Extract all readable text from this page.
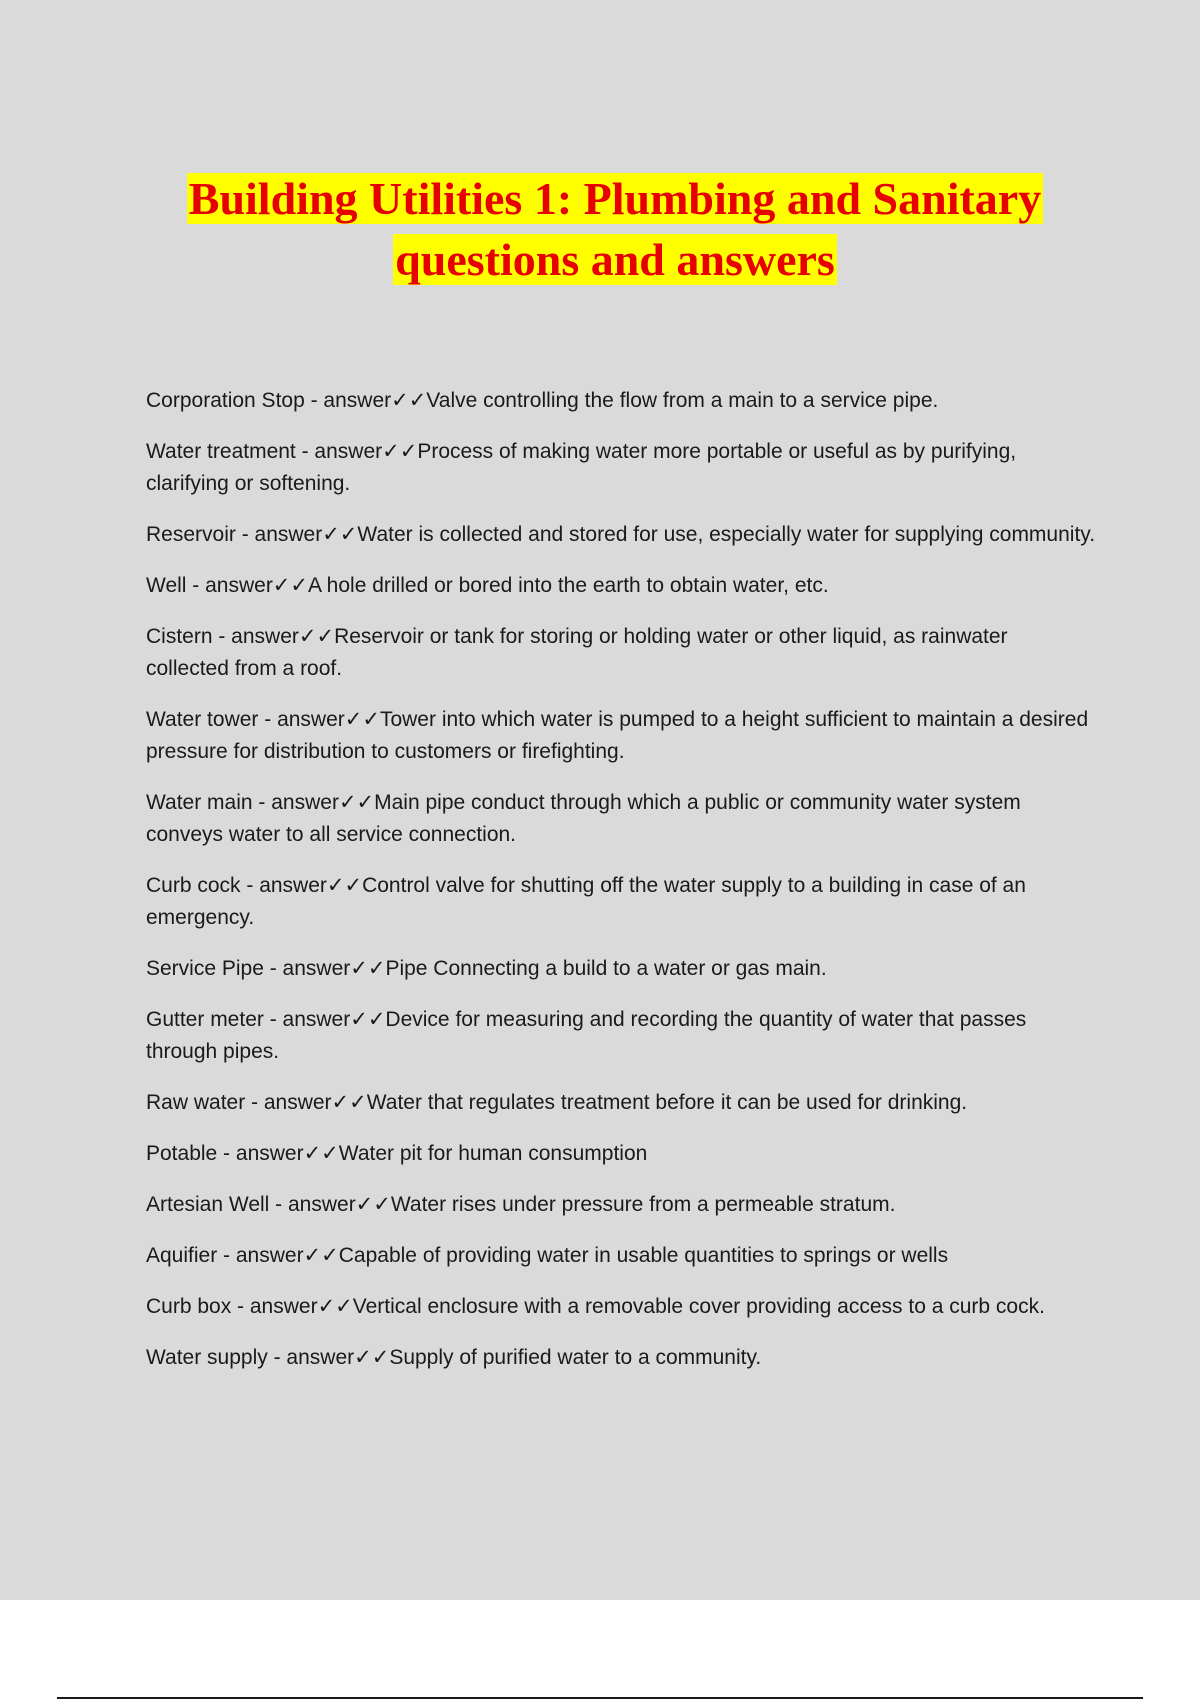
Building Utilities 1: Plumbing and Sanitary
questions and answers
Corporation Stop - answer✓✓Valve controlling the flow from a main to a service pipe.
Water treatment - answer✓✓Process of making water more portable or useful as by purifying, clarifying or softening.
Reservoir - answer✓✓Water is collected and stored for use, especially water for supplying community.
Well - answer✓✓A hole drilled or bored into the earth to obtain water, etc.
Cistern - answer✓✓Reservoir or tank for storing or holding water or other liquid, as rainwater collected from a roof.
Water tower - answer✓✓Tower into which water is pumped to a height sufficient to maintain a desired pressure for distribution to customers or firefighting.
Water main - answer✓✓Main pipe conduct through which a public or community water system conveys water to all service connection.
Curb cock - answer✓✓Control valve for shutting off the water supply to a building in case of an emergency.
Service Pipe - answer✓✓Pipe Connecting a build to a water or gas main.
Gutter meter - answer✓✓Device for measuring and recording the quantity of water that passes through pipes.
Raw water - answer✓✓Water that regulates treatment before it can be used for drinking.
Potable - answer✓✓Water pit for human consumption
Artesian Well - answer✓✓Water rises under pressure from a permeable stratum.
Aquifier - answer✓✓Capable of providing water in usable quantities to springs or wells
Curb box - answer✓✓Vertical enclosure with a removable cover providing access to a curb cock.
Water supply - answer✓✓Supply of purified water to a community.
